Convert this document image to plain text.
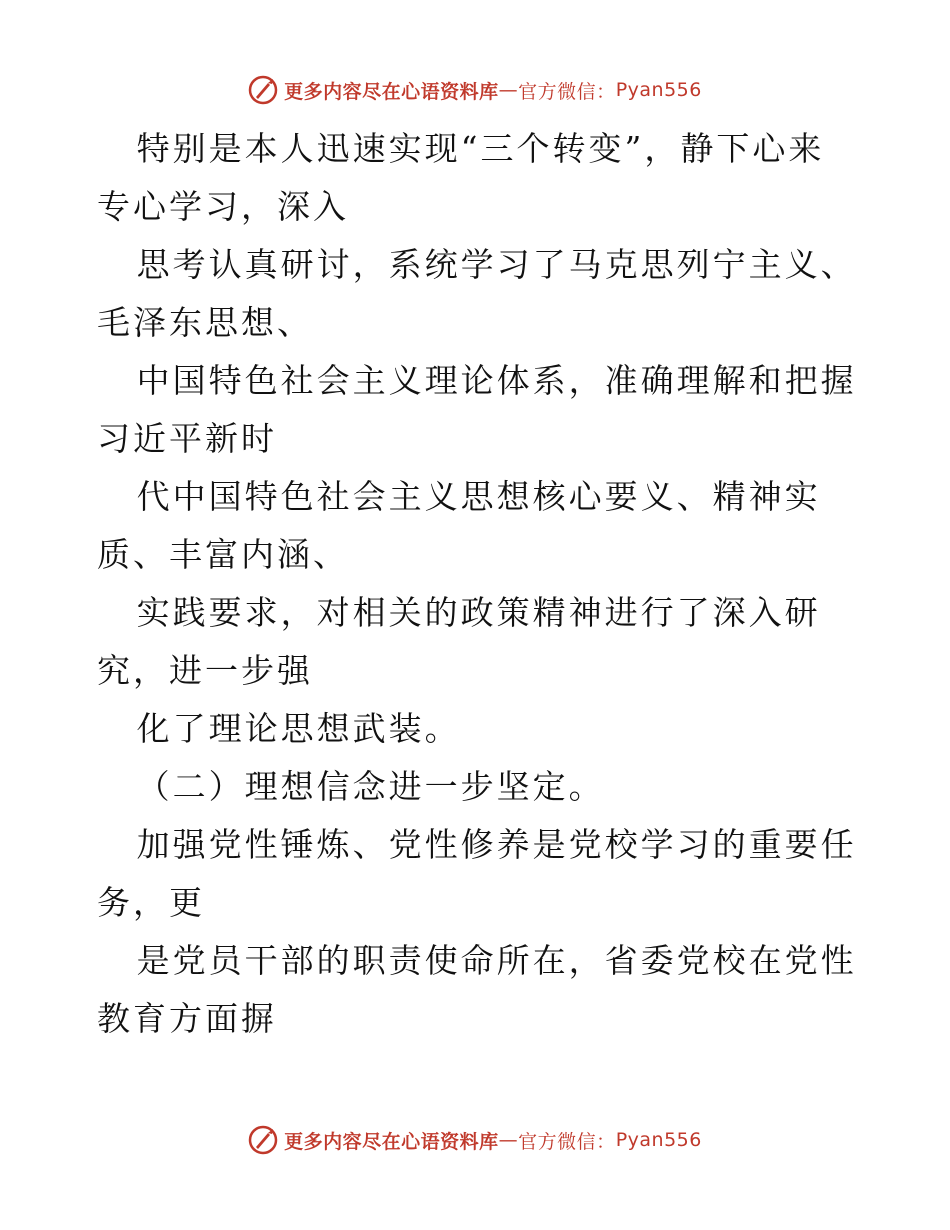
更多内容尽在心语资料库 — 官方微信： Pyan556

特别是本人迅速实现“三个转变”，静下心来专心学习，深入

思考认真研讨，系统学习了马克思列宁主义、毛泽东思想、

中国特色社会主义理论体系，准确理解和把握习近平新时

代中国特色社会主义思想核心要义、精神实质、丰富内涵、

实践要求，对相关的政策精神进行了深入研究，进一步强

化了理论思想武装。

（二）理想信念进一步坚定。

加强党性锤炼、党性修养是党校学习的重要任务，更

是党员干部的职责使命所在，省委党校在党性教育方面摒

更多内容尽在心语资料库 — 官方微信： Pyan556
